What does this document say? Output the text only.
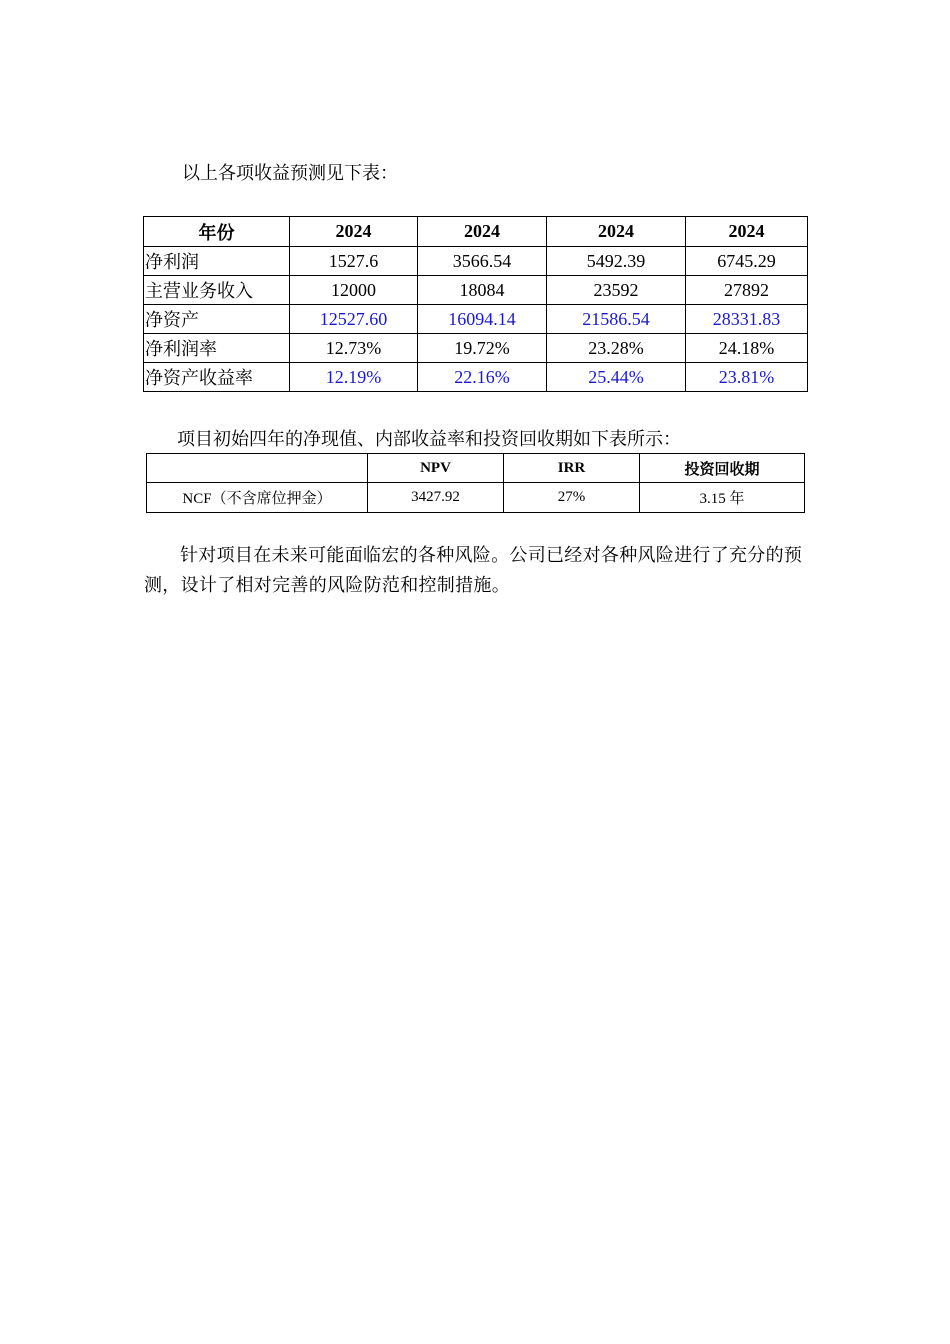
以上各项收益预测见下表：

年份	2024	2024	2024	2024
净利润	1527.6	3566.54	5492.39	6745.29
主营业务收入	12000	18084	23592	27892
净资产	12527.60	16094.14	21586.54	28331.83
净利润率	12.73%	19.72%	23.28%	24.18%
净资产收益率	12.19%	22.16%	25.44%	23.81%

项目初始四年的净现值、内部收益率和投资回收期如下表所示：

	NPV	IRR	投资回收期
NCF（不含席位押金）	3427.92	27%	3.15 年

针对项目在未来可能面临宏的各种风险。公司已经对各种风险进行了充分的预测，设计了相对完善的风险防范和控制措施。
